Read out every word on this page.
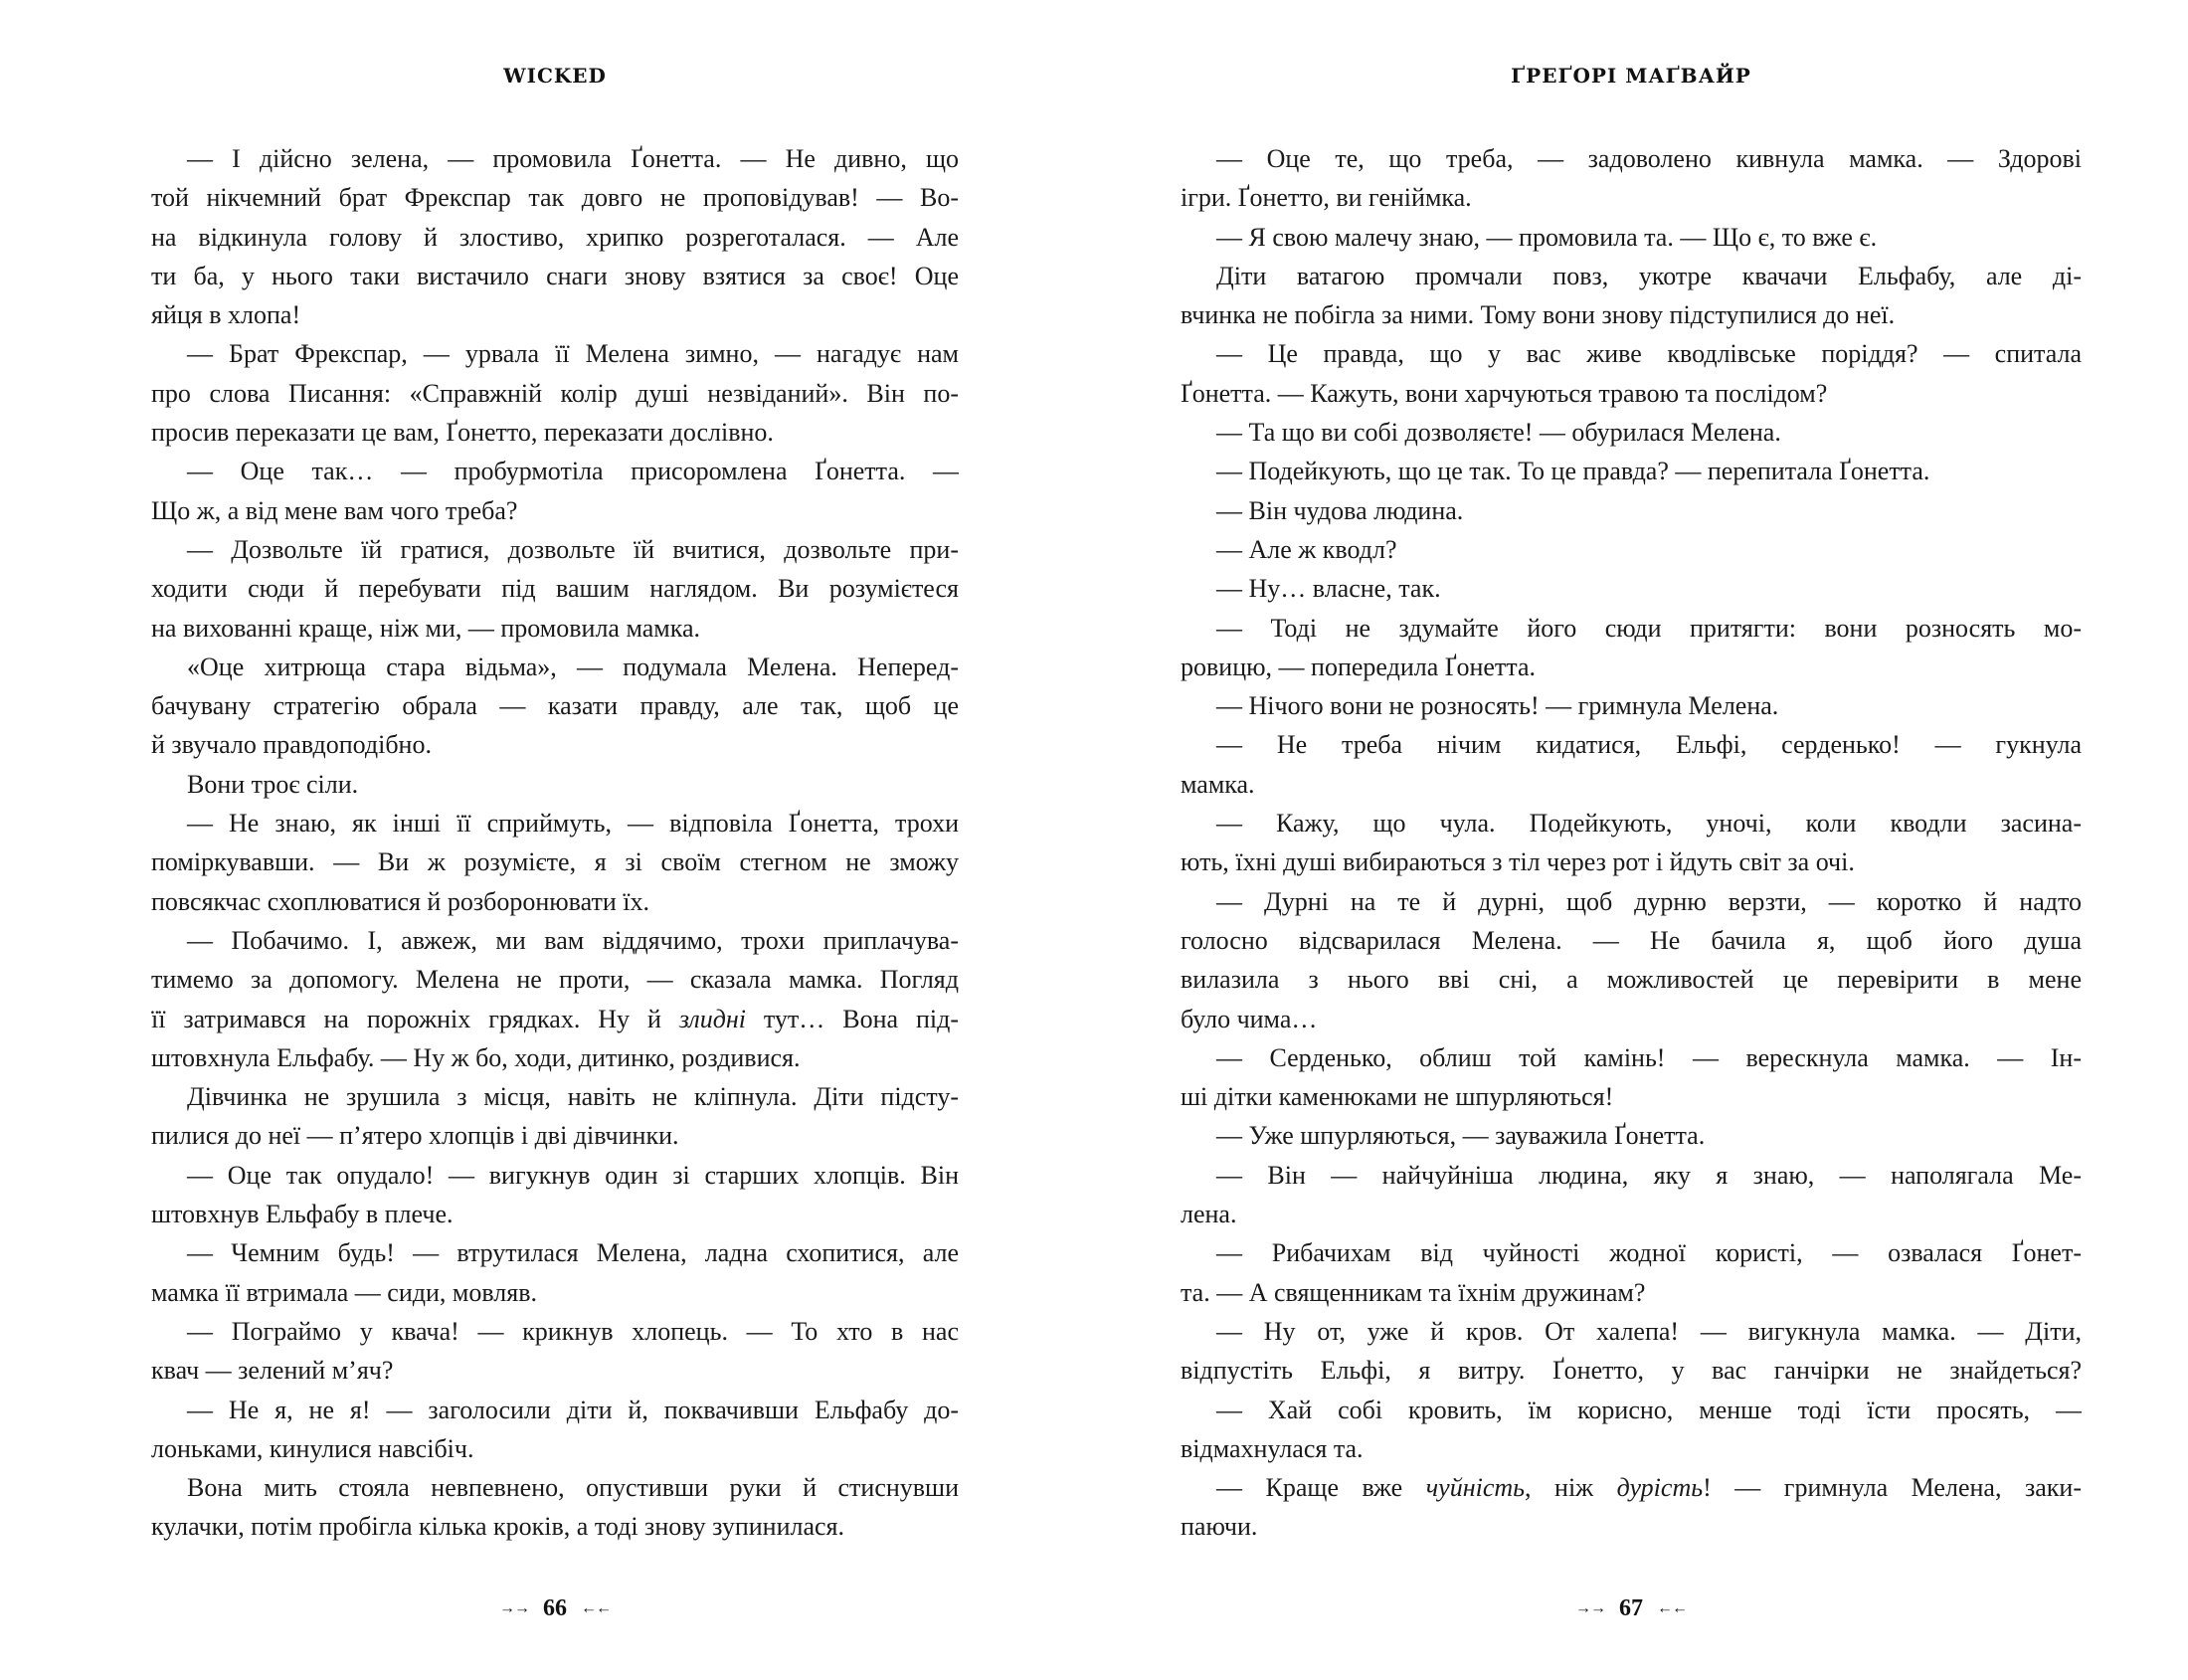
WICKED
— І дійсно зелена, — промовила Ґонетта. — Не дивно, що
той нікчемний брат Фрекспар так довго не проповідував! — Во-
на відкинула голову й злостиво, хрипко розреготалася. — Але
ти ба, у нього таки вистачило снаги знову взятися за своє! Оце
яйця в хлопа!
— Брат Фрекспар, — урвала її Мелена зимно, — нагадує нам
про слова Писання: «Справжній колір душі незвіданий». Він по-
просив переказати це вам, Ґонетто, переказати дослівно.
— Оце так… — пробурмотіла присоромлена Ґонетта. —
Що ж, а від мене вам чого треба?
— Дозвольте їй гратися, дозвольте їй вчитися, дозвольте при-
ходити сюди й перебувати під вашим наглядом. Ви розумієтеся
на вихованні краще, ніж ми, — промовила мамка.
«Оце хитрюща стара відьма», — подумала Мелена. Неперед-
бачувану стратегію обрала — казати правду, але так, щоб це
й звучало правдоподібно.
Вони троє сіли.
— Не знаю, як інші її сприймуть, — відповіла Ґонетта, трохи
поміркувавши. — Ви ж розумієте, я зі своїм стегном не зможу
повсякчас схоплюватися й розборонювати їх.
— Побачимо. І, авжеж, ми вам віддячимо, трохи приплачува-
тимемо за допомогу. Мелена не проти, — сказала мамка. Погляд
її затримався на порожніх грядках. Ну й злидні тут… Вона під-
штовхнула Ельфабу. — Ну ж бо, ходи, дитинко, роздивися.
Дівчинка не зрушила з місця, навіть не кліпнула. Діти підсту-
пилися до неї — п’ятеро хлопців і дві дівчинки.
— Оце так опудало! — вигукнув один зі старших хлопців. Він
штовхнув Ельфабу в плече.
— Чемним будь! — втрутилася Мелена, ладна схопитися, але
мамка її втримала — сиди, мовляв.
— Пограймо у квача! — крикнув хлопець. — То хто в нас
квач — зелений м’яч?
— Не я, не я! — заголосили діти й, поквачивши Ельфабу до-
лоньками, кинулися навсібіч.
Вона мить стояла невпевнено, опустивши руки й стиснувши
кулачки, потім пробігла кілька кроків, а тоді знову зупинилася.
→→ 66 ←←
ҐРЕҐОРІ МАҐВАЙР
— Оце те, що треба, — задоволено кивнула мамка. — Здорові
ігри. Ґонетто, ви геніймка.
— Я свою малечу знаю, — промовила та. — Що є, то вже є.
Діти ватагою промчали повз, укотре квачачи Ельфабу, але ді-
вчинка не побігла за ними. Тому вони знову підступилися до неї.
— Це правда, що у вас живе кводлівське поріддя? — спитала
Ґонетта. — Кажуть, вони харчуються травою та послідом?
— Та що ви собі дозволяєте! — обурилася Мелена.
— Подейкують, що це так. То це правда? — перепитала Ґонетта.
— Він чудова людина.
— Але ж кводл?
— Ну… власне, так.
— Тоді не здумайте його сюди притягти: вони розносять мо-
ровицю, — попередила Ґонетта.
— Нічого вони не розносять! — гримнула Мелена.
— Не треба нічим кидатися, Ельфі, серденько! — гукнула
мамка.
— Кажу, що чула. Подейкують, уночі, коли кводли засина-
ють, їхні душі вибираються з тіл через рот і йдуть світ за очі.
— Дурні на те й дурні, щоб дурню верзти, — коротко й надто
голосно відсварилася Мелена. — Не бачила я, щоб його душа
вилазила з нього вві сні, а можливостей це перевірити в мене
було чима…
— Серденько, облиш той камінь! — верескнула мамка. — Ін-
ші дітки каменюками не шпурляються!
— Уже шпурляються, — зауважила Ґонетта.
— Він — найчуйніша людина, яку я знаю, — наполягала Ме-
лена.
— Рибачихам від чуйності жодної користі, — озвалася Ґонет-
та. — А священникам та їхнім дружинам?
— Ну от, уже й кров. От халепа! — вигукнула мамка. — Діти,
відпустіть Ельфі, я витру. Ґонетто, у вас ганчірки не знайдеться?
— Хай собі кровить, їм корисно, менше тоді їсти просять, —
відмахнулася та.
— Краще вже чуйність, ніж дурість! — гримнула Мелена, заки-
паючи.
→→ 67 ←←
